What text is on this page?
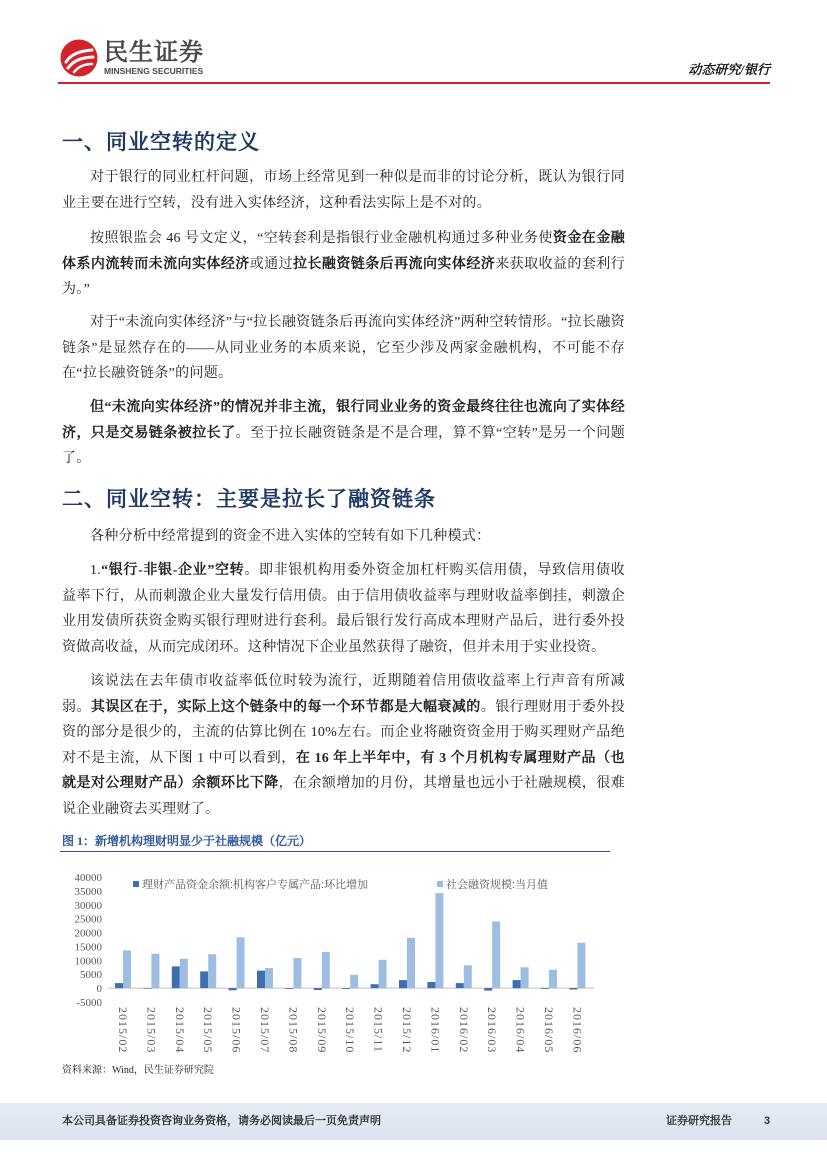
民生证券
MINSHENG SECURITIES	动态研究/银行
一、同业空转的定义

对于银行的同业杠杆问题，市场上经常见到一种似是而非的讨论分析，既认为银行同业主要在进行空转，没有进入实体经济，这种看法实际上是不对的。

按照银监会 46 号文定义，“空转套利是指银行业金融机构通过多种业务使资金在金融体系内流转而未流向实体经济或通过拉长融资链条后再流向实体经济来获取收益的套利行为。”

对于“未流向实体经济”与“拉长融资链条后再流向实体经济”两种空转情形。“拉长融资链条”是显然存在的——从同业业务的本质来说，它至少涉及两家金融机构，不可能不存在“拉长融资链条”的问题。

但“未流向实体经济”的情况并非主流，银行同业业务的资金最终往往也流向了实体经济，只是交易链条被拉长了。至于拉长融资链条是不是合理，算不算“空转”是另一个问题了。

二、同业空转：主要是拉长了融资链条

各种分析中经常提到的资金不进入实体的空转有如下几种模式：

1.“银行-非银-企业”空转。即非银机构用委外资金加杠杆购买信用债，导致信用债收益率下行，从而刺激企业大量发行信用债。由于信用债收益率与理财收益率倒挂，刺激企业用发债所获资金购买银行理财进行套利。最后银行发行高成本理财产品后，进行委外投资做高收益，从而完成闭环。这种情况下企业虽然获得了融资，但并未用于实业投资。

该说法在去年债市收益率低位时较为流行，近期随着信用债收益率上行声音有所减弱。其误区在于，实际上这个链条中的每一个环节都是大幅衰减的。银行理财用于委外投资的部分是很少的，主流的估算比例在 10%左右。而企业将融资资金用于购买理财产品绝对不是主流，从下图 1 中可以看到，在 16 年上半年中，有 3 个月机构专属理财产品（也就是对公理财产品）余额环比下降，在余额增加的月份，其增量也远小于社融规模，很难说企业融资去买理财了。

图 1：新增机构理财明显少于社融规模（亿元）
理财产品资金余额:机构客户专属产品:环比增加	社会融资规模:当月值
40000
35000
30000
25000
20000
15000
10000
5000
0
-5000
2015/02 2015/03 2015/04 2015/05 2015/06 2015/07 2015/08 2015/09 2015/10 2015/11 2015/12 2016/01 2016/02 2016/03 2016/04 2016/05 2016/06
资料来源：Wind，民生证券研究院
本公司具备证券投资咨询业务资格，请务必阅读最后一页免责声明	证券研究报告	3
